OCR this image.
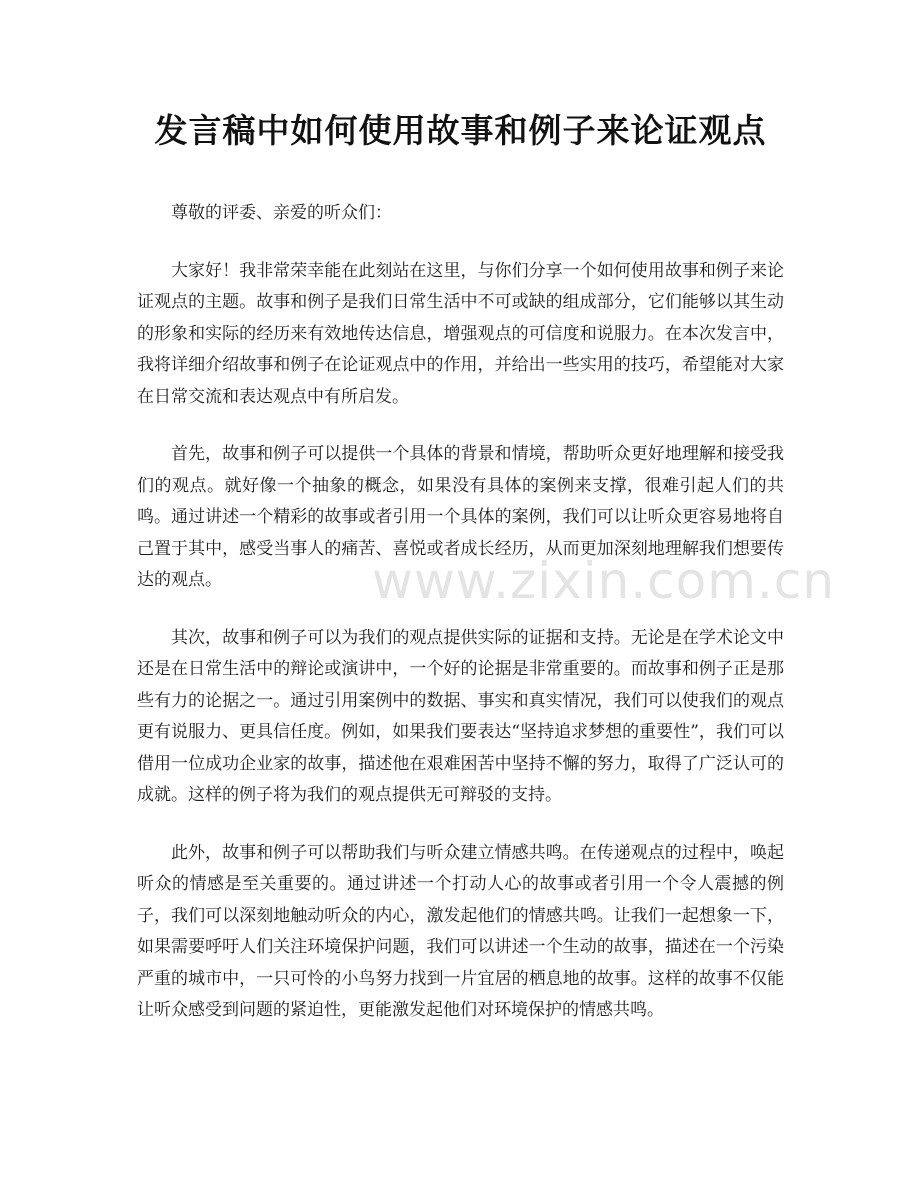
发言稿中如何使用故事和例子来论证观点

尊敬的评委、亲爱的听众们：

大家好！我非常荣幸能在此刻站在这里，与你们分享一个如何使用故事和例子来论证观点的主题。故事和例子是我们日常生活中不可或缺的组成部分，它们能够以其生动的形象和实际的经历来有效地传达信息，增强观点的可信度和说服力。在本次发言中，我将详细介绍故事和例子在论证观点中的作用，并给出一些实用的技巧，希望能对大家在日常交流和表达观点中有所启发。

首先，故事和例子可以提供一个具体的背景和情境，帮助听众更好地理解和接受我们的观点。就好像一个抽象的概念，如果没有具体的案例来支撑，很难引起人们的共鸣。通过讲述一个精彩的故事或者引用一个具体的案例，我们可以让听众更容易地将自己置于其中，感受当事人的痛苦、喜悦或者成长经历，从而更加深刻地理解我们想要传达的观点。

其次，故事和例子可以为我们的观点提供实际的证据和支持。无论是在学术论文中还是在日常生活中的辩论或演讲中，一个好的论据是非常重要的。而故事和例子正是那些有力的论据之一。通过引用案例中的数据、事实和真实情况，我们可以使我们的观点更有说服力、更具信任度。例如，如果我们要表达“坚持追求梦想的重要性”，我们可以借用一位成功企业家的故事，描述他在艰难困苦中坚持不懈的努力，取得了广泛认可的成就。这样的例子将为我们的观点提供无可辩驳的支持。

此外，故事和例子可以帮助我们与听众建立情感共鸣。在传递观点的过程中，唤起听众的情感是至关重要的。通过讲述一个打动人心的故事或者引用一个令人震撼的例子，我们可以深刻地触动听众的内心，激发起他们的情感共鸣。让我们一起想象一下，如果需要呼吁人们关注环境保护问题，我们可以讲述一个生动的故事，描述在一个污染严重的城市中，一只可怜的小鸟努力找到一片宜居的栖息地的故事。这样的故事不仅能让听众感受到问题的紧迫性，更能激发起他们对环境保护的情感共鸣。

www.zixin.com.cn
